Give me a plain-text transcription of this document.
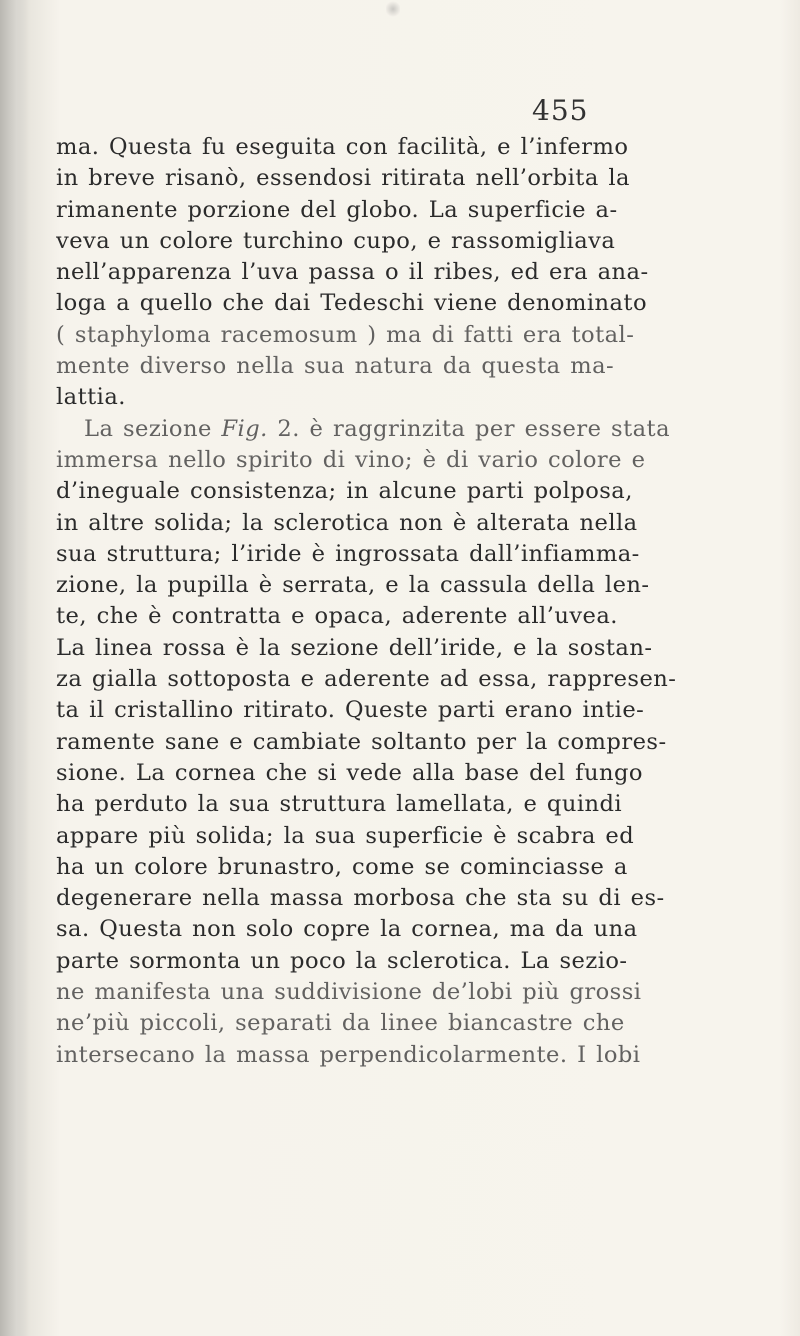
455
ma. Questa fu eseguita con facilità, e l’infermo
in breve risanò, essendosi ritirata nell’orbita la
rimanente porzione del globo. La superficie a-
veva un colore turchino cupo, e rassomigliava
nell’apparenza l’uva passa o il ribes, ed era ana-
loga a quello che dai Tedeschi viene denominato
( staphyloma racemosum ) ma di fatti era total-
mente diverso nella sua natura da questa ma-
lattia.
La sezione Fig. 2. è raggrinzita per essere stata
immersa nello spirito di vino; è di vario colore e
d’ineguale consistenza; in alcune parti polposa,
in altre solida; la sclerotica non è alterata nella
sua struttura; l’iride è ingrossata dall’infiamma-
zione, la pupilla è serrata, e la cassula della len-
te, che è contratta e opaca, aderente all’uvea.
La linea rossa è la sezione dell’iride, e la sostan-
za gialla sottoposta e aderente ad essa, rappresen-
ta il cristallino ritirato. Queste parti erano intie-
ramente sane e cambiate soltanto per la compres-
sione. La cornea che si vede alla base del fungo
ha perduto la sua struttura lamellata, e quindi
appare più solida; la sua superficie è scabra ed
ha un colore brunastro, come se cominciasse a
degenerare nella massa morbosa che sta su di es-
sa. Questa non solo copre la cornea, ma da una
parte sormonta un poco la sclerotica. La sezio-
ne manifesta una suddivisione de’lobi più grossi
ne’più piccoli, separati da linee biancastre che
intersecano la massa perpendicolarmente. I lobi
